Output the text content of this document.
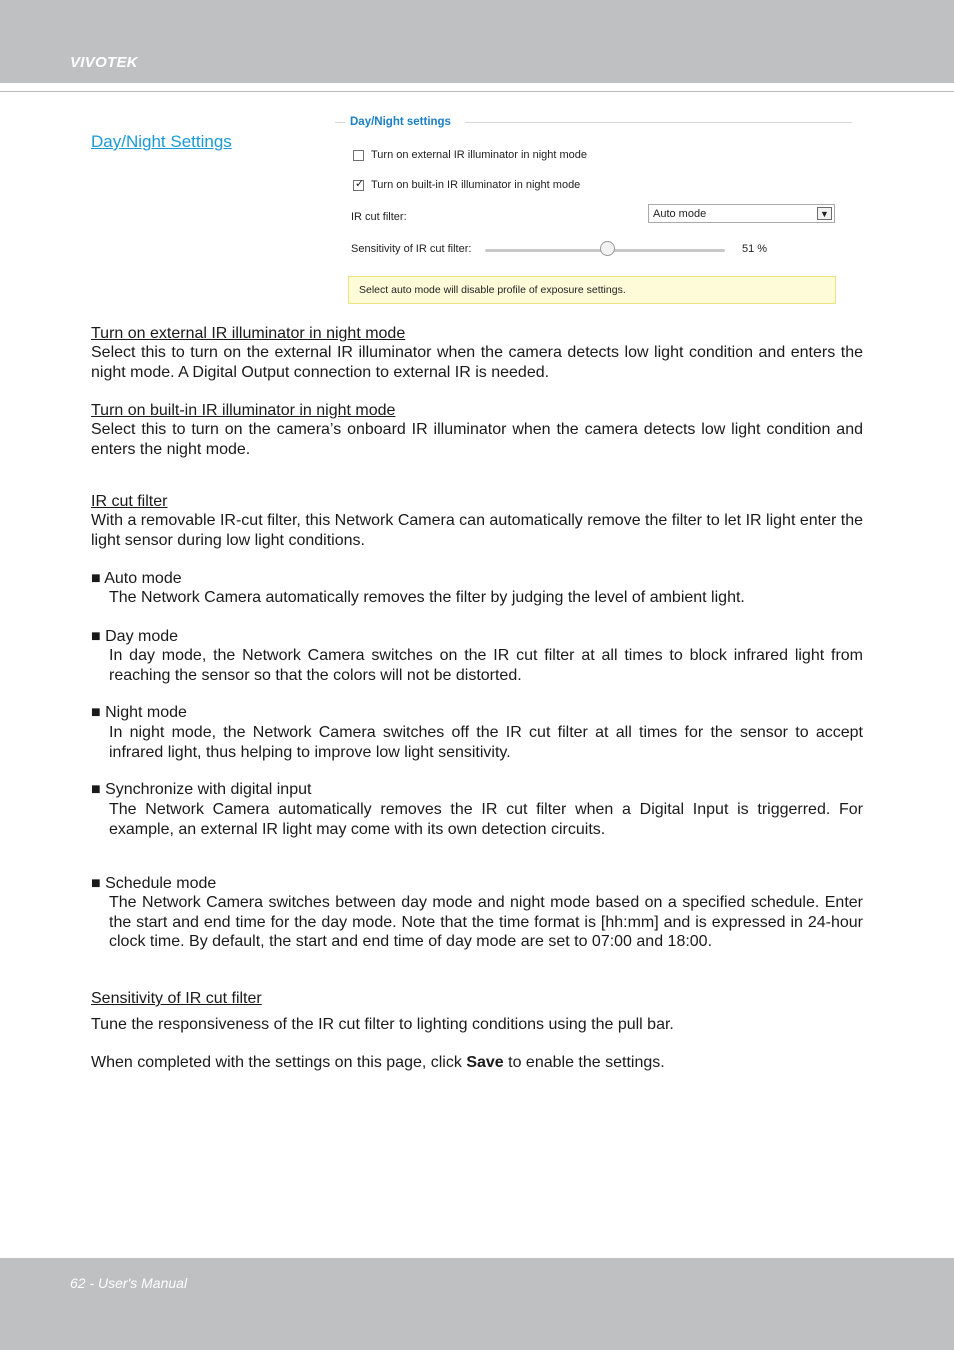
VIVOTEK
Day/Night Settings
Day/Night settings
Turn on external IR illuminator in night mode
✓ Turn on built-in IR illuminator in night mode
IR cut filter:	Auto mode	▼
Sensitivity of IR cut filter:	51 %
Select auto mode will disable profile of exposure settings.
Turn on external IR illuminator in night mode
Select this to turn on the external IR illuminator when the camera detects low light condition and enters the night mode. A Digital Output connection to external IR is needed.
Turn on built-in IR illuminator in night mode
Select this to turn on the camera’s onboard IR illuminator when the camera detects low light condition and enters the night mode.
IR cut filter
With a removable IR-cut filter, this Network Camera can automatically remove the filter to let IR light enter the light sensor during low light conditions.
■ Auto mode
The Network Camera automatically removes the filter by judging the level of ambient light.
■ Day mode
In day mode, the Network Camera switches on the IR cut filter at all times to block infrared light from reaching the sensor so that the colors will not be distorted.
■ Night mode
In night mode, the Network Camera switches off the IR cut filter at all times for the sensor to accept infrared light, thus helping to improve low light sensitivity.
■ Synchronize with digital input
The Network Camera automatically removes the IR cut filter when a Digital Input is triggerred. For example, an external IR light may come with its own detection circuits.
■ Schedule mode
The Network Camera switches between day mode and night mode based on a specified schedule. Enter the start and end time for the day mode. Note that the time format is [hh:mm] and is expressed in 24-hour clock time. By default, the start and end time of day mode are set to 07:00 and 18:00.
Sensitivity of IR cut filter
Tune the responsiveness of the IR cut filter to lighting conditions using the pull bar.
When completed with the settings on this page, click Save to enable the settings.
62 - User's Manual
